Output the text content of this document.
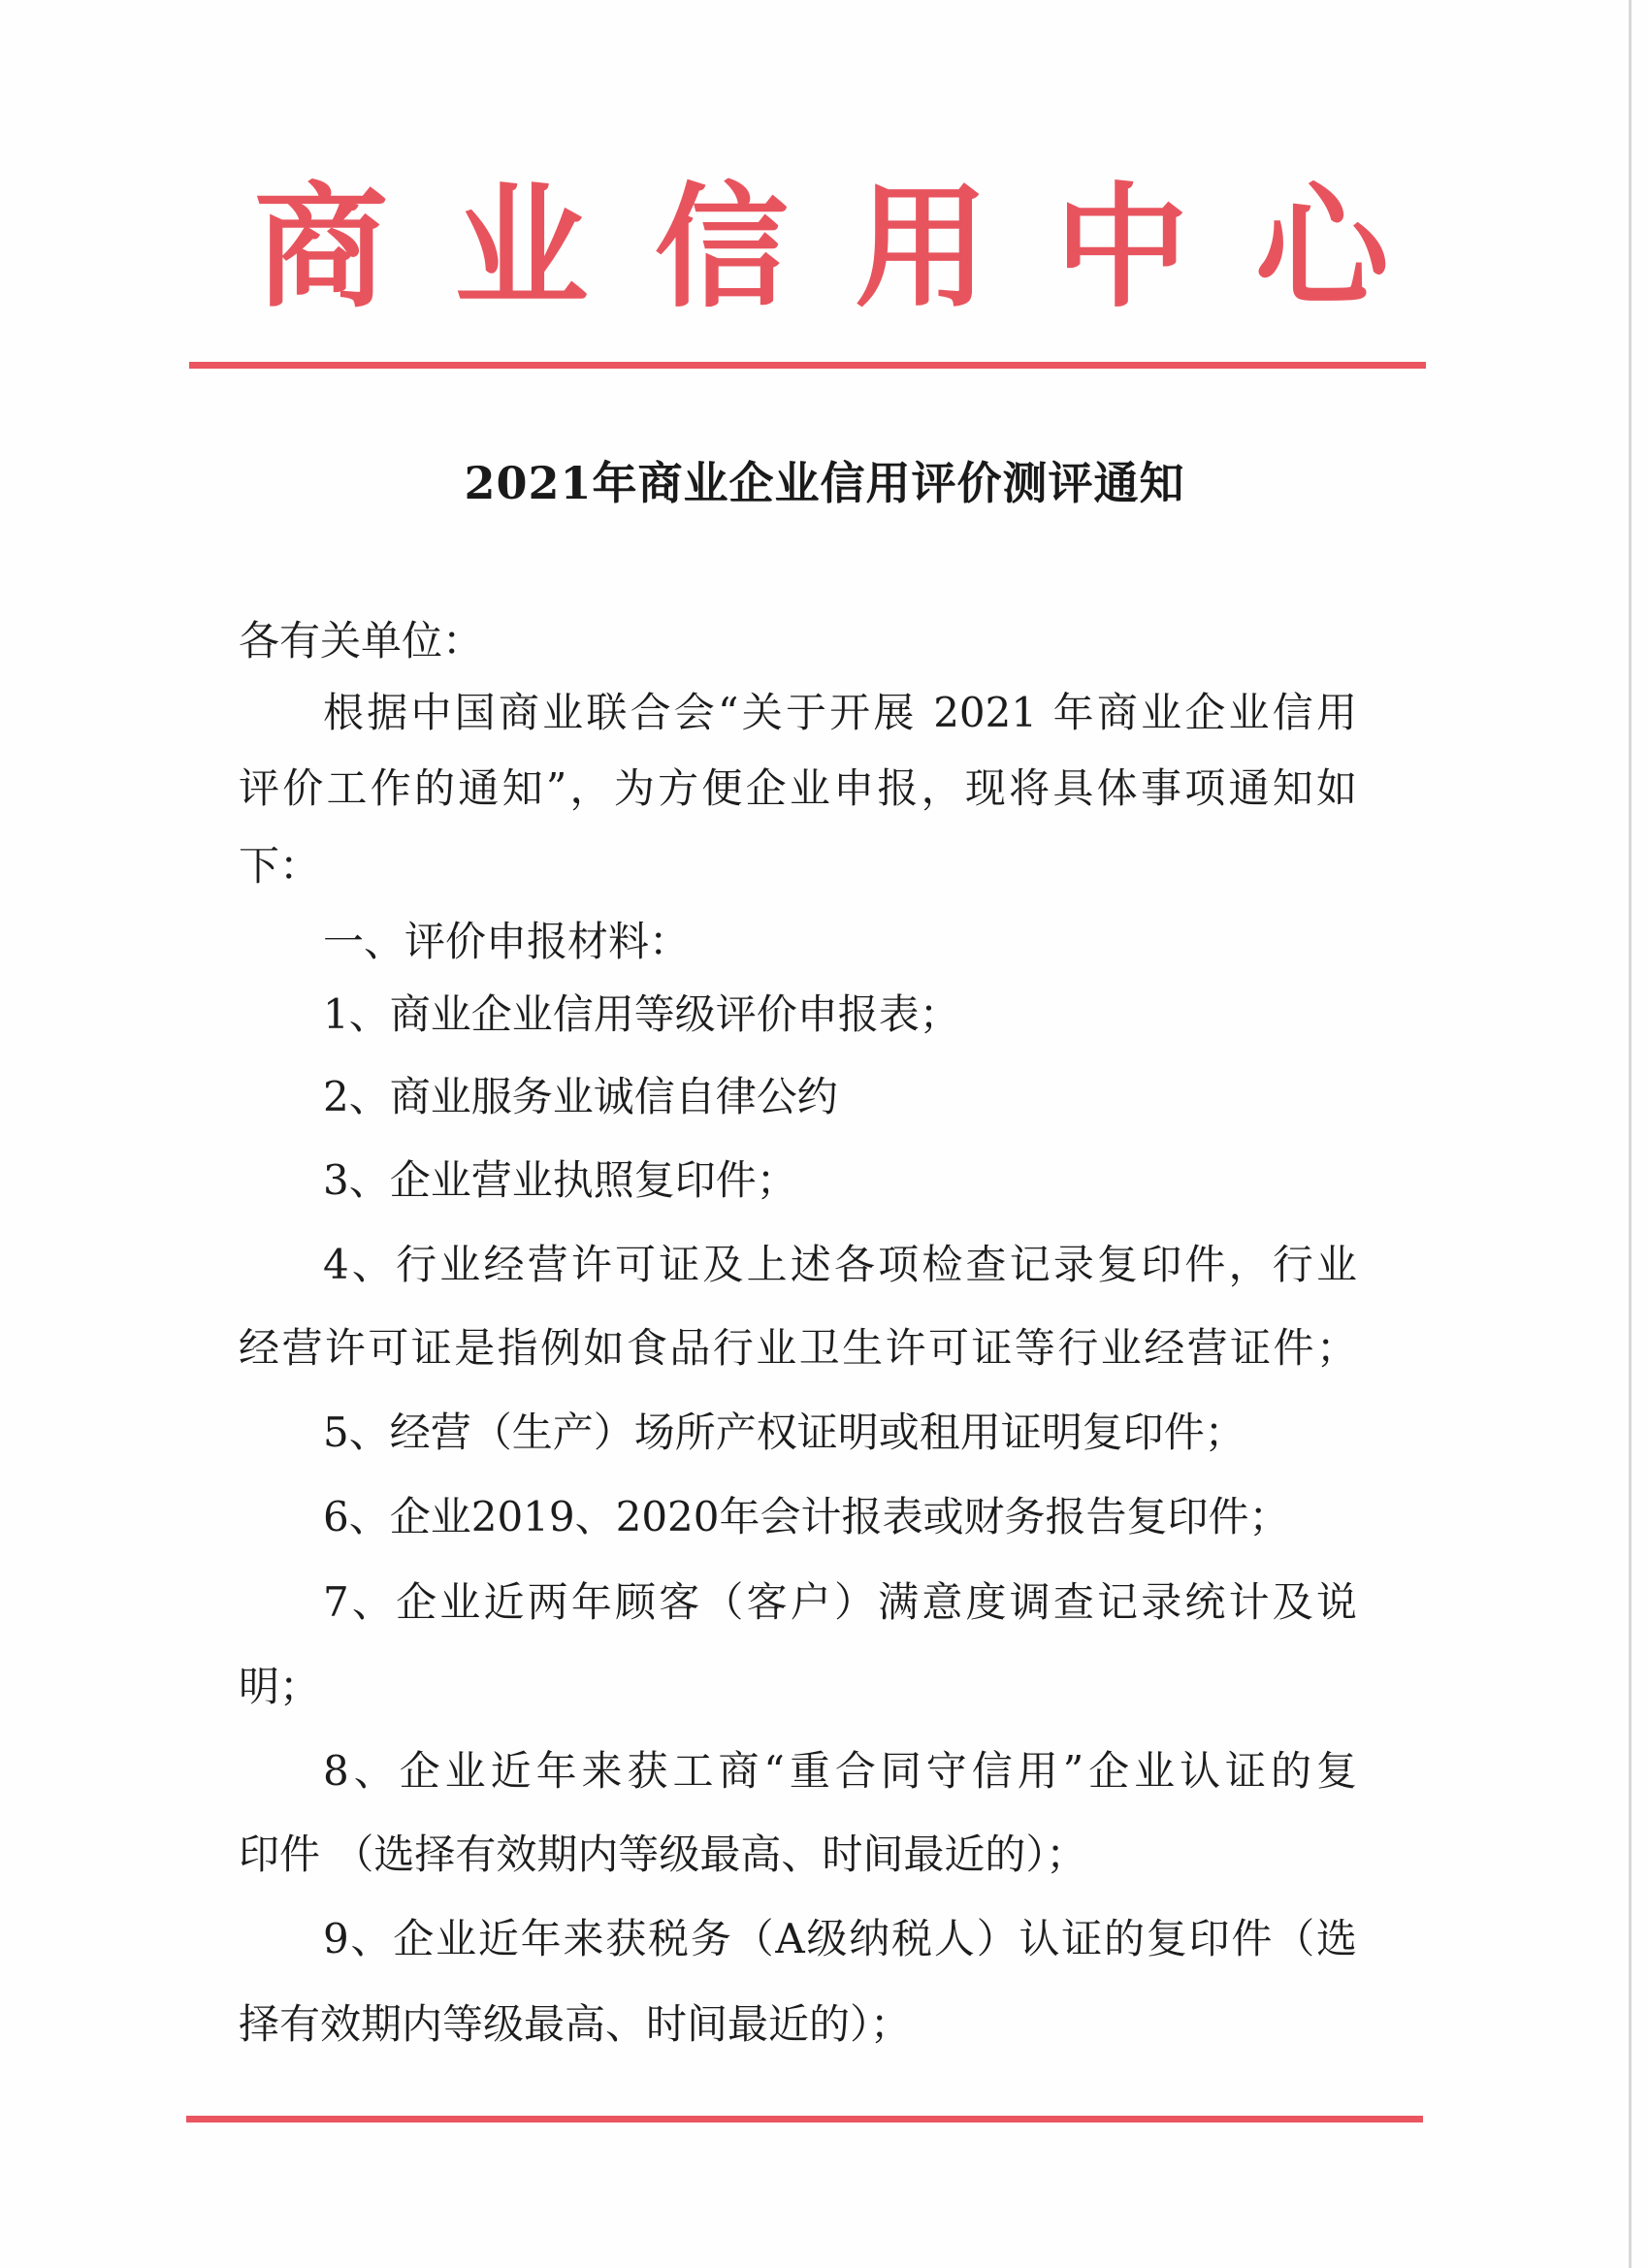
商 业 信 用 中 心
2021年商业企业信用评价测评通知
各有关单位：
根据中国商业联合会“关于开展 2021 年商业企业信用
评价工作的通知”，为方便企业申报，现将具体事项通知如
下：
一、评价申报材料：
1、商业企业信用等级评价申报表；
2、商业服务业诚信自律公约
3、企业营业执照复印件；
4、行业经营许可证及上述各项检查记录复印件，行业
经营许可证是指例如食品行业卫生许可证等行业经营证件；
5、经营（生产）场所产权证明或租用证明复印件；
6、企业2019、2020年会计报表或财务报告复印件；
7、企业近两年顾客（客户）满意度调查记录统计及说
明；
8、企业近年来获工商“重合同守信用”企业认证的复
印件 （选择有效期内等级最高、时间最近的）；
9、企业近年来获税务（A级纳税人）认证的复印件（选
择有效期内等级最高、时间最近的）；
